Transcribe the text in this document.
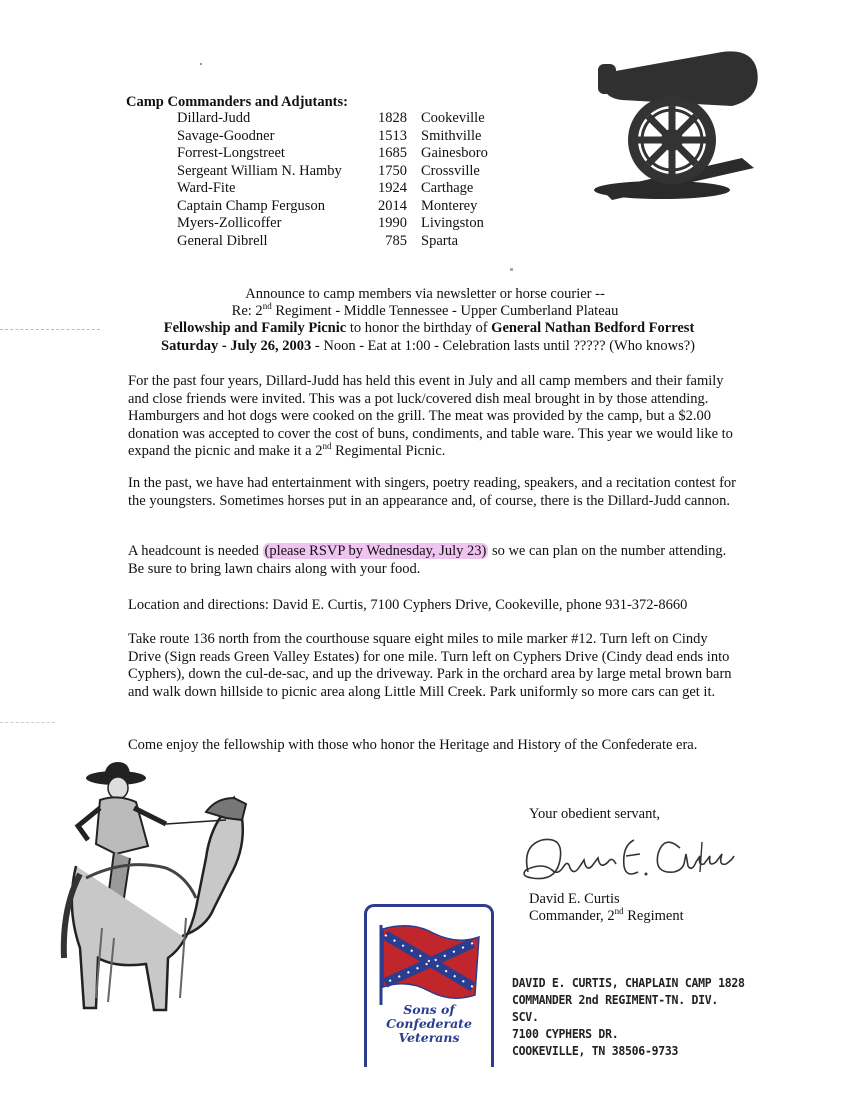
Camp Commanders and Adjutants:
Dillard-Judd	1828	Cookeville
Savage-Goodner	1513	Smithville
Forrest-Longstreet	1685	Gainesboro
Sergeant William N. Hamby	1750	Crossville
Ward-Fite	1924	Carthage
Captain Champ Ferguson	2014	Monterey
Myers-Zollicoffer	1990	Livingston
General Dibrell	785	Sparta
Announce to camp members via newsletter or horse courier --
Re: 2nd Regiment - Middle Tennessee - Upper Cumberland Plateau
Fellowship and Family Picnic to honor the birthday of General Nathan Bedford Forrest
Saturday - July 26, 2003 - Noon - Eat at 1:00 - Celebration lasts until ????? (Who knows?)
For the past four years, Dillard-Judd has held this event in July and all camp members and their family and close friends were invited. This was a pot luck/covered dish meal brought in by those attending. Hamburgers and hot dogs were cooked on the grill. The meat was provided by the camp, but a $2.00 donation was accepted to cover the cost of buns, condiments, and table ware. This year we would like to expand the picnic and make it a 2nd Regimental Picnic.
In the past, we have had entertainment with singers, poetry reading, speakers, and a recitation contest for the youngsters. Sometimes horses put in an appearance and, of course, there is the Dillard-Judd cannon.
A headcount is needed (please RSVP by Wednesday, July 23) so we can plan on the number attending. Be sure to bring lawn chairs along with your food.
Location and directions: David E. Curtis, 7100 Cyphers Drive, Cookeville, phone 931-372-8660
Take route 136 north from the courthouse square eight miles to mile marker #12. Turn left on Cindy Drive (Sign reads Green Valley Estates) for one mile. Turn left on Cyphers Drive (Cindy dead ends into Cyphers), down the cul-de-sac, and up the driveway. Park in the orchard area by large metal brown barn and walk down hillside to picnic area along Little Mill Creek. Park uniformly so more cars can get it.
Come enjoy the fellowship with those who honor the Heritage and History of the Confederate era.
Your obedient servant,
David E. Curtis
Commander, 2nd Regiment
DAVID E. CURTIS, CHAPLAIN CAMP 1828
COMMANDER 2nd REGIMENT-TN. DIV. SCV.
7100 CYPHERS DR.
COOKEVILLE, TN 38506-9733
Sons of
Confederate
Veterans
